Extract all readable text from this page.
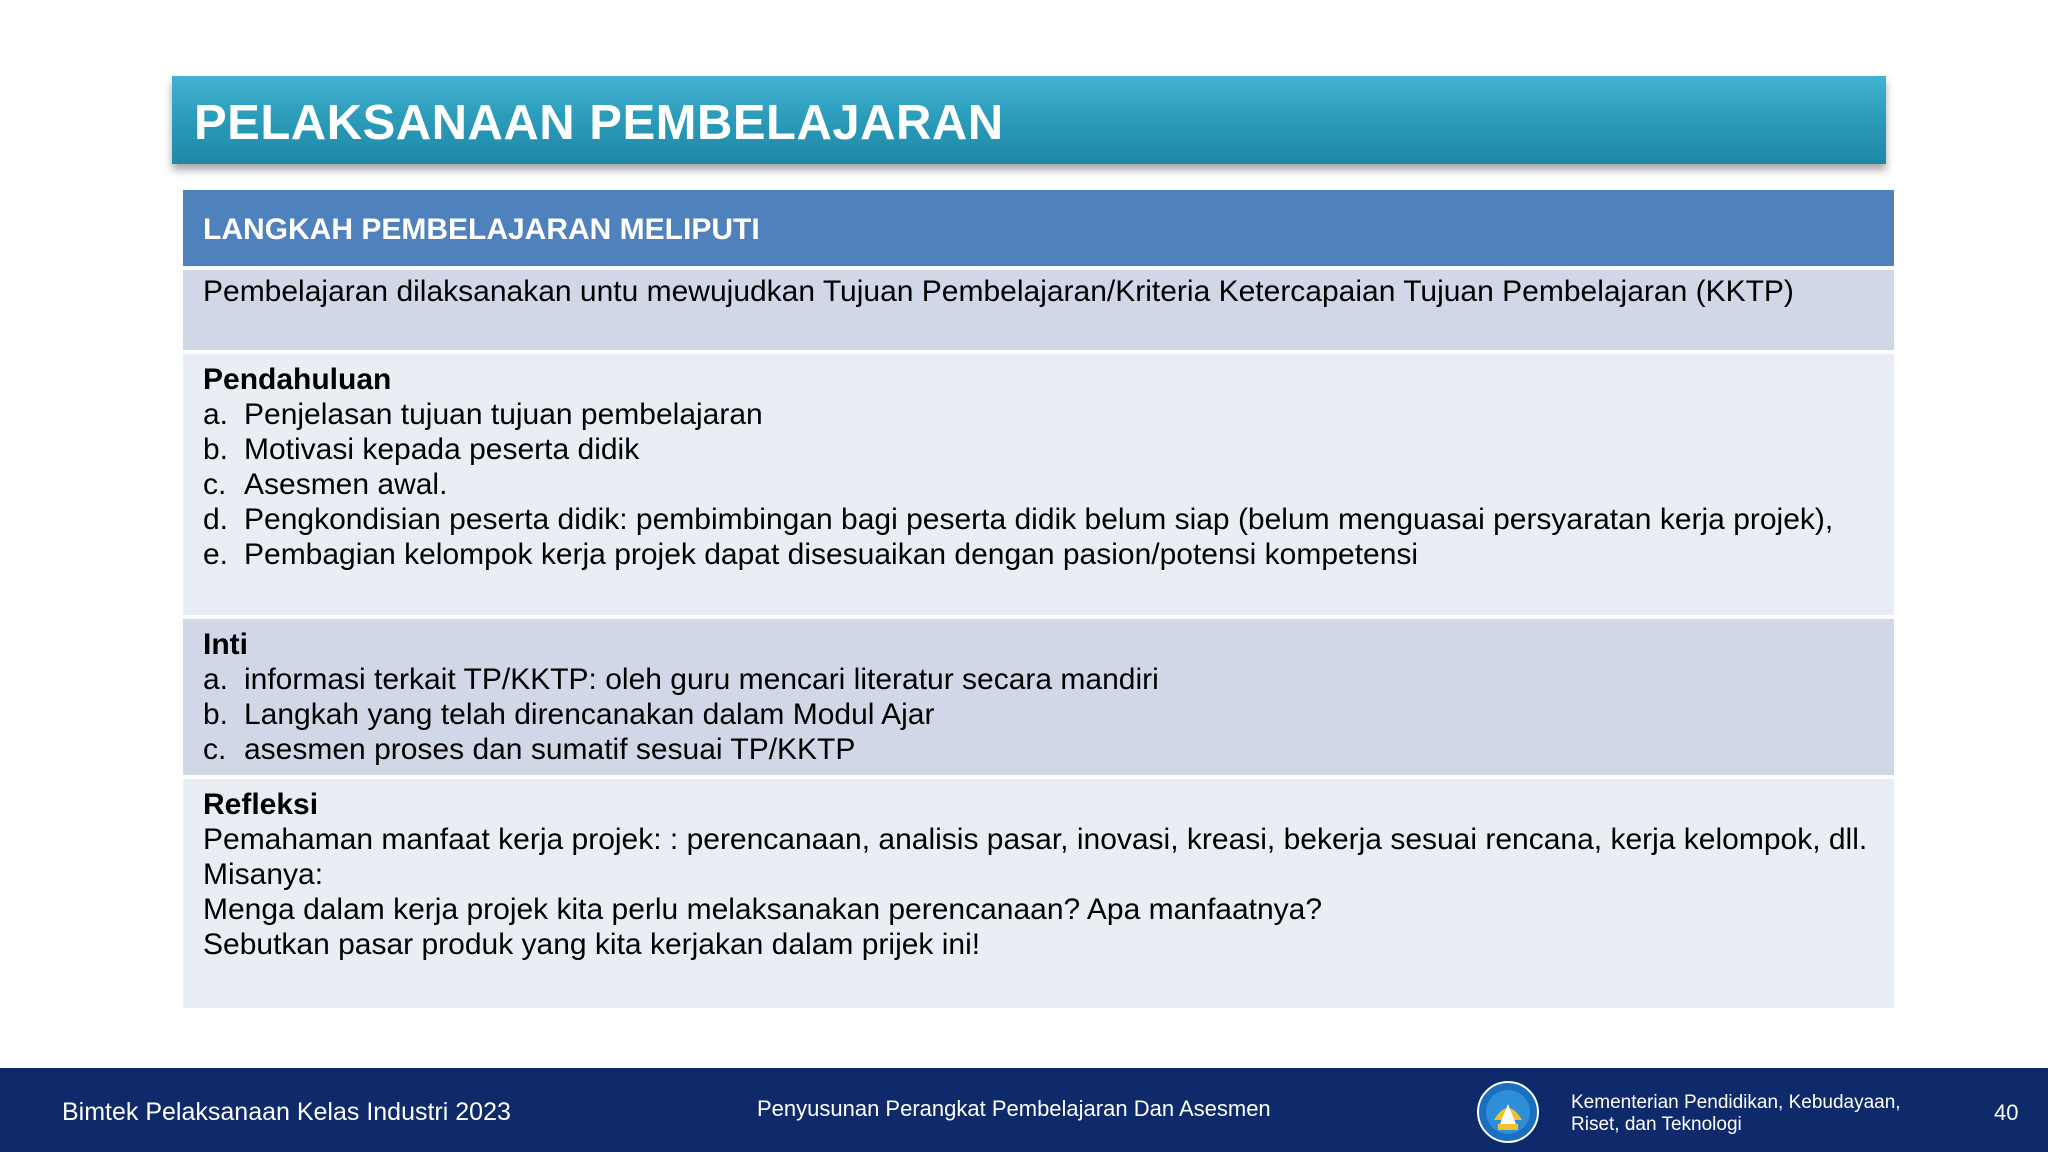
PELAKSANAAN PEMBELAJARAN
LANGKAH PEMBELAJARAN MELIPUTI
Pembelajaran dilaksanakan untu mewujudkan Tujuan Pembelajaran/Kriteria Ketercapaian Tujuan Pembelajaran (KKTP)
Pendahuluan
a. Penjelasan tujuan tujuan pembelajaran
b. Motivasi kepada peserta didik
c. Asesmen awal.
d. Pengkondisian peserta didik: pembimbingan bagi peserta didik belum siap (belum menguasai persyaratan kerja projek),
e. Pembagian kelompok kerja projek dapat disesuaikan dengan pasion/potensi kompetensi
Inti
a. informasi terkait TP/KKTP: oleh guru mencari literatur secara mandiri
b. Langkah yang telah direncanakan dalam Modul Ajar
c. asesmen proses dan sumatif sesuai TP/KKTP
Refleksi
Pemahaman manfaat kerja projek: : perencanaan, analisis pasar, inovasi, kreasi, bekerja sesuai rencana, kerja kelompok, dll.
Misanya:
Menga dalam kerja projek kita perlu melaksanakan perencanaan? Apa manfaatnya?
Sebutkan pasar produk yang kita kerjakan dalam prijek ini!
Bimtek Pelaksanaan Kelas Industri 2023	Penyusunan Perangkat Pembelajaran Dan Asesmen	Kementerian Pendidikan, Kebudayaan,
Riset, dan Teknologi	40
